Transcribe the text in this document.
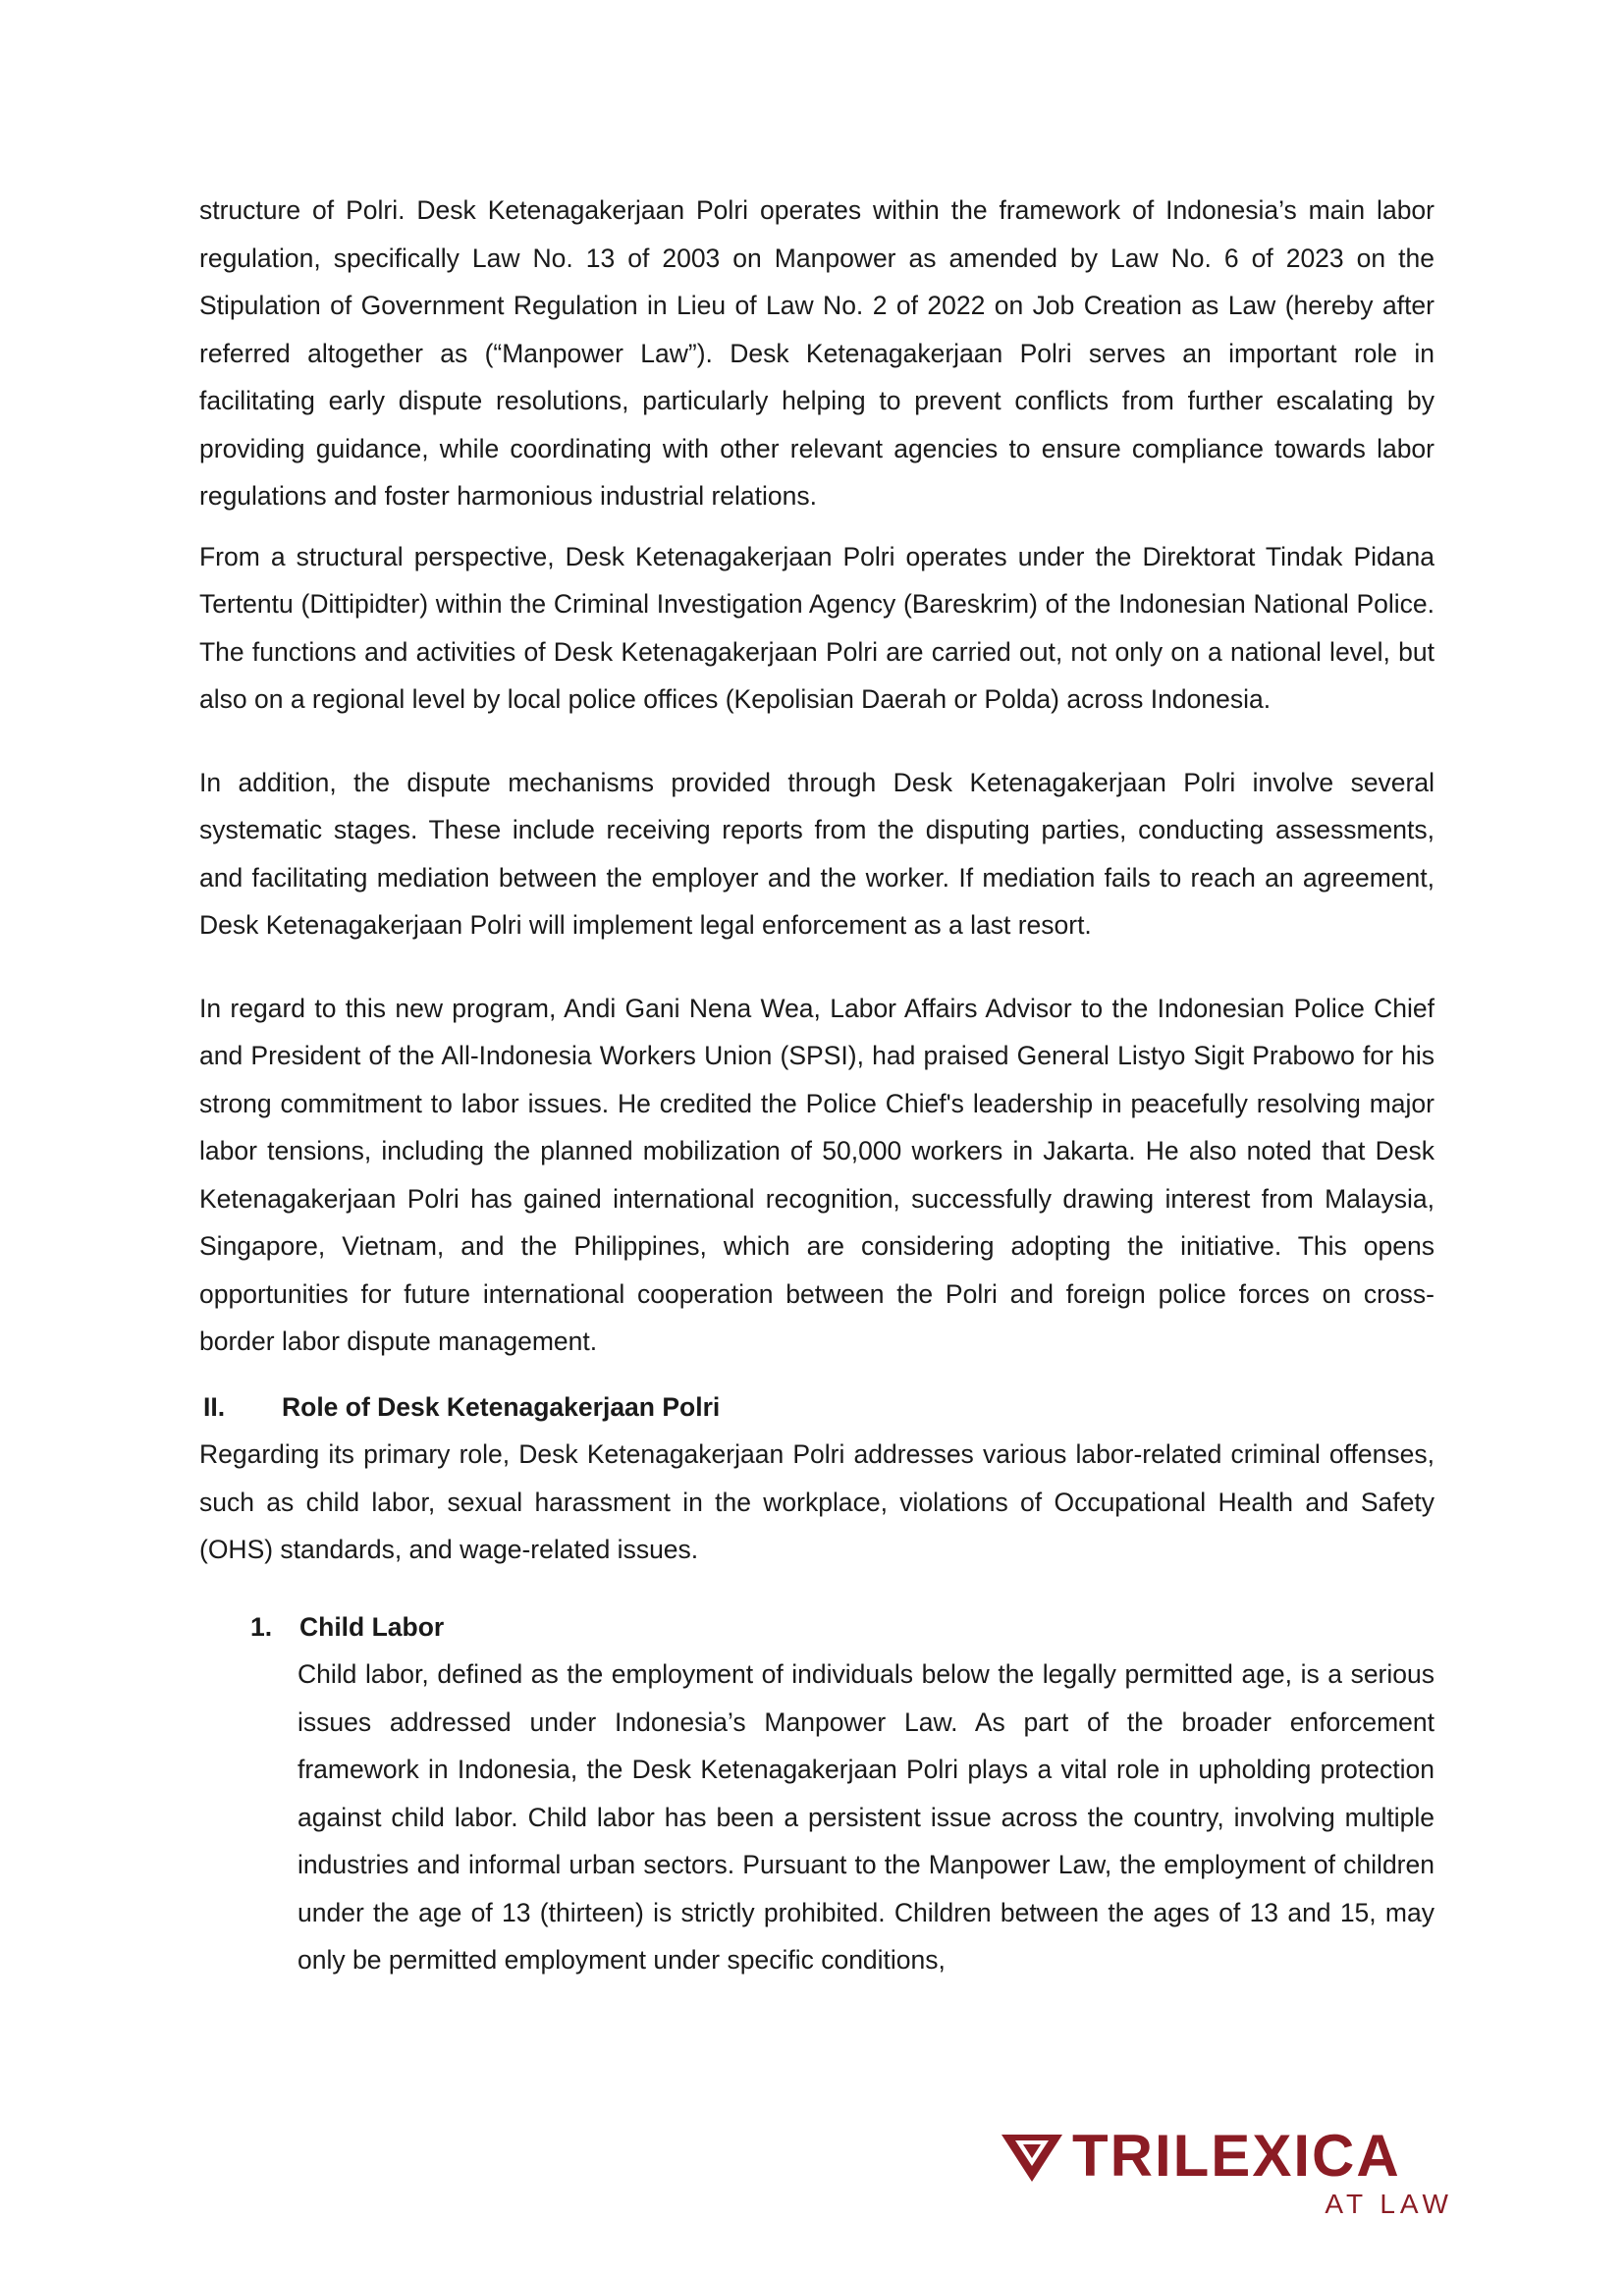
structure of Polri. Desk Ketenagakerjaan Polri operates within the framework of Indonesia’s main labor regulation, specifically Law No. 13 of 2003 on Manpower as amended by Law No. 6 of 2023 on the Stipulation of Government Regulation in Lieu of Law No. 2 of 2022 on Job Creation as Law (hereby after referred altogether as (“Manpower Law”). Desk Ketenagakerjaan Polri serves an important role in facilitating early dispute resolutions, particularly helping to prevent conflicts from further escalating by providing guidance, while coordinating with other relevant agencies to ensure compliance towards labor regulations and foster harmonious industrial relations.

From a structural perspective, Desk Ketenagakerjaan Polri operates under the Direktorat Tindak Pidana Tertentu (Dittipidter) within the Criminal Investigation Agency (Bareskrim) of the Indonesian National Police. The functions and activities of Desk Ketenagakerjaan Polri are carried out, not only on a national level, but also on a regional level by local police offices (Kepolisian Daerah or Polda) across Indonesia.

In addition, the dispute mechanisms provided through Desk Ketenagakerjaan Polri involve several systematic stages. These include receiving reports from the disputing parties, conducting assessments, and facilitating mediation between the employer and the worker. If mediation fails to reach an agreement, Desk Ketenagakerjaan Polri will implement legal enforcement as a last resort.

In regard to this new program, Andi Gani Nena Wea, Labor Affairs Advisor to the Indonesian Police Chief and President of the All-Indonesia Workers Union (SPSI), had praised General Listyo Sigit Prabowo for his strong commitment to labor issues. He credited the Police Chief's leadership in peacefully resolving major labor tensions, including the planned mobilization of 50,000 workers in Jakarta. He also noted that Desk Ketenagakerjaan Polri has gained international recognition, successfully drawing interest from Malaysia, Singapore, Vietnam, and the Philippines, which are considering adopting the initiative. This opens opportunities for future international cooperation between the Polri and foreign police forces on cross-border labor dispute management.

II.	Role of Desk Ketenagakerjaan Polri

Regarding its primary role, Desk Ketenagakerjaan Polri addresses various labor-related criminal offenses, such as child labor, sexual harassment in the workplace, violations of Occupational Health and Safety (OHS) standards, and wage-related issues.

1.	Child Labor

Child labor, defined as the employment of individuals below the legally permitted age, is a serious issues addressed under Indonesia’s Manpower Law. As part of the broader enforcement framework in Indonesia, the Desk Ketenagakerjaan Polri plays a vital role in upholding protection against child labor. Child labor has been a persistent issue across the country, involving multiple industries and informal urban sectors. Pursuant to the Manpower Law, the employment of children under the age of 13 (thirteen) is strictly prohibited. Children between the ages of 13 and 15, may only be permitted employment under specific conditions,

TRILEXICA
AT LAW
